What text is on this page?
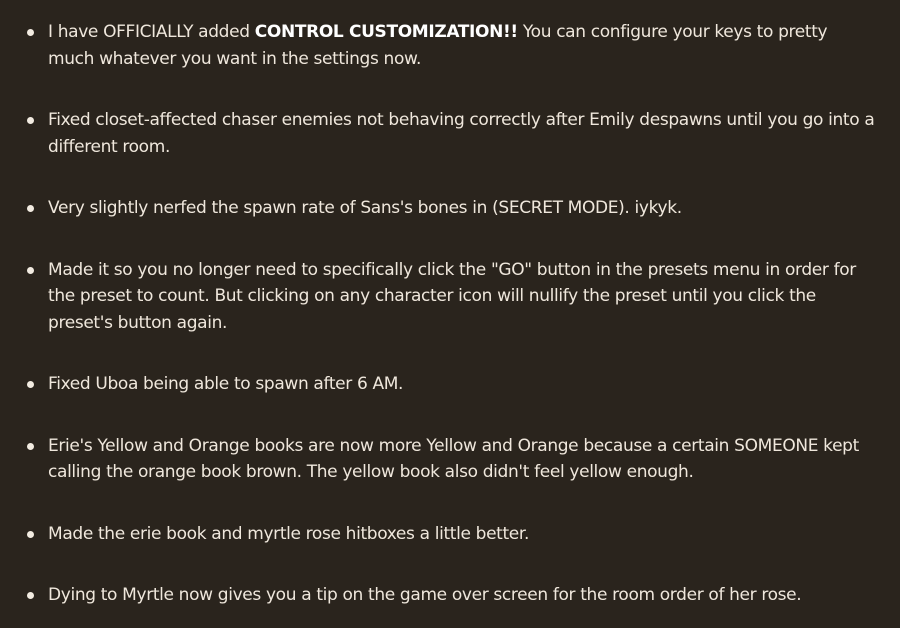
I have OFFICIALLY added CONTROL CUSTOMIZATION!! You can configure your keys to pretty much whatever you want in the settings now.
Fixed closet-affected chaser enemies not behaving correctly after Emily despawns until you go into a different room.
Very slightly nerfed the spawn rate of Sans's bones in (SECRET MODE). iykyk.
Made it so you no longer need to specifically click the "GO" button in the presets menu in order for the preset to count. But clicking on any character icon will nullify the preset until you click the preset's button again.
Fixed Uboa being able to spawn after 6 AM.
Erie's Yellow and Orange books are now more Yellow and Orange because a certain SOMEONE kept calling the orange book brown. The yellow book also didn't feel yellow enough.
Made the erie book and myrtle rose hitboxes a little better.
Dying to Myrtle now gives you a tip on the game over screen for the room order of her rose.
